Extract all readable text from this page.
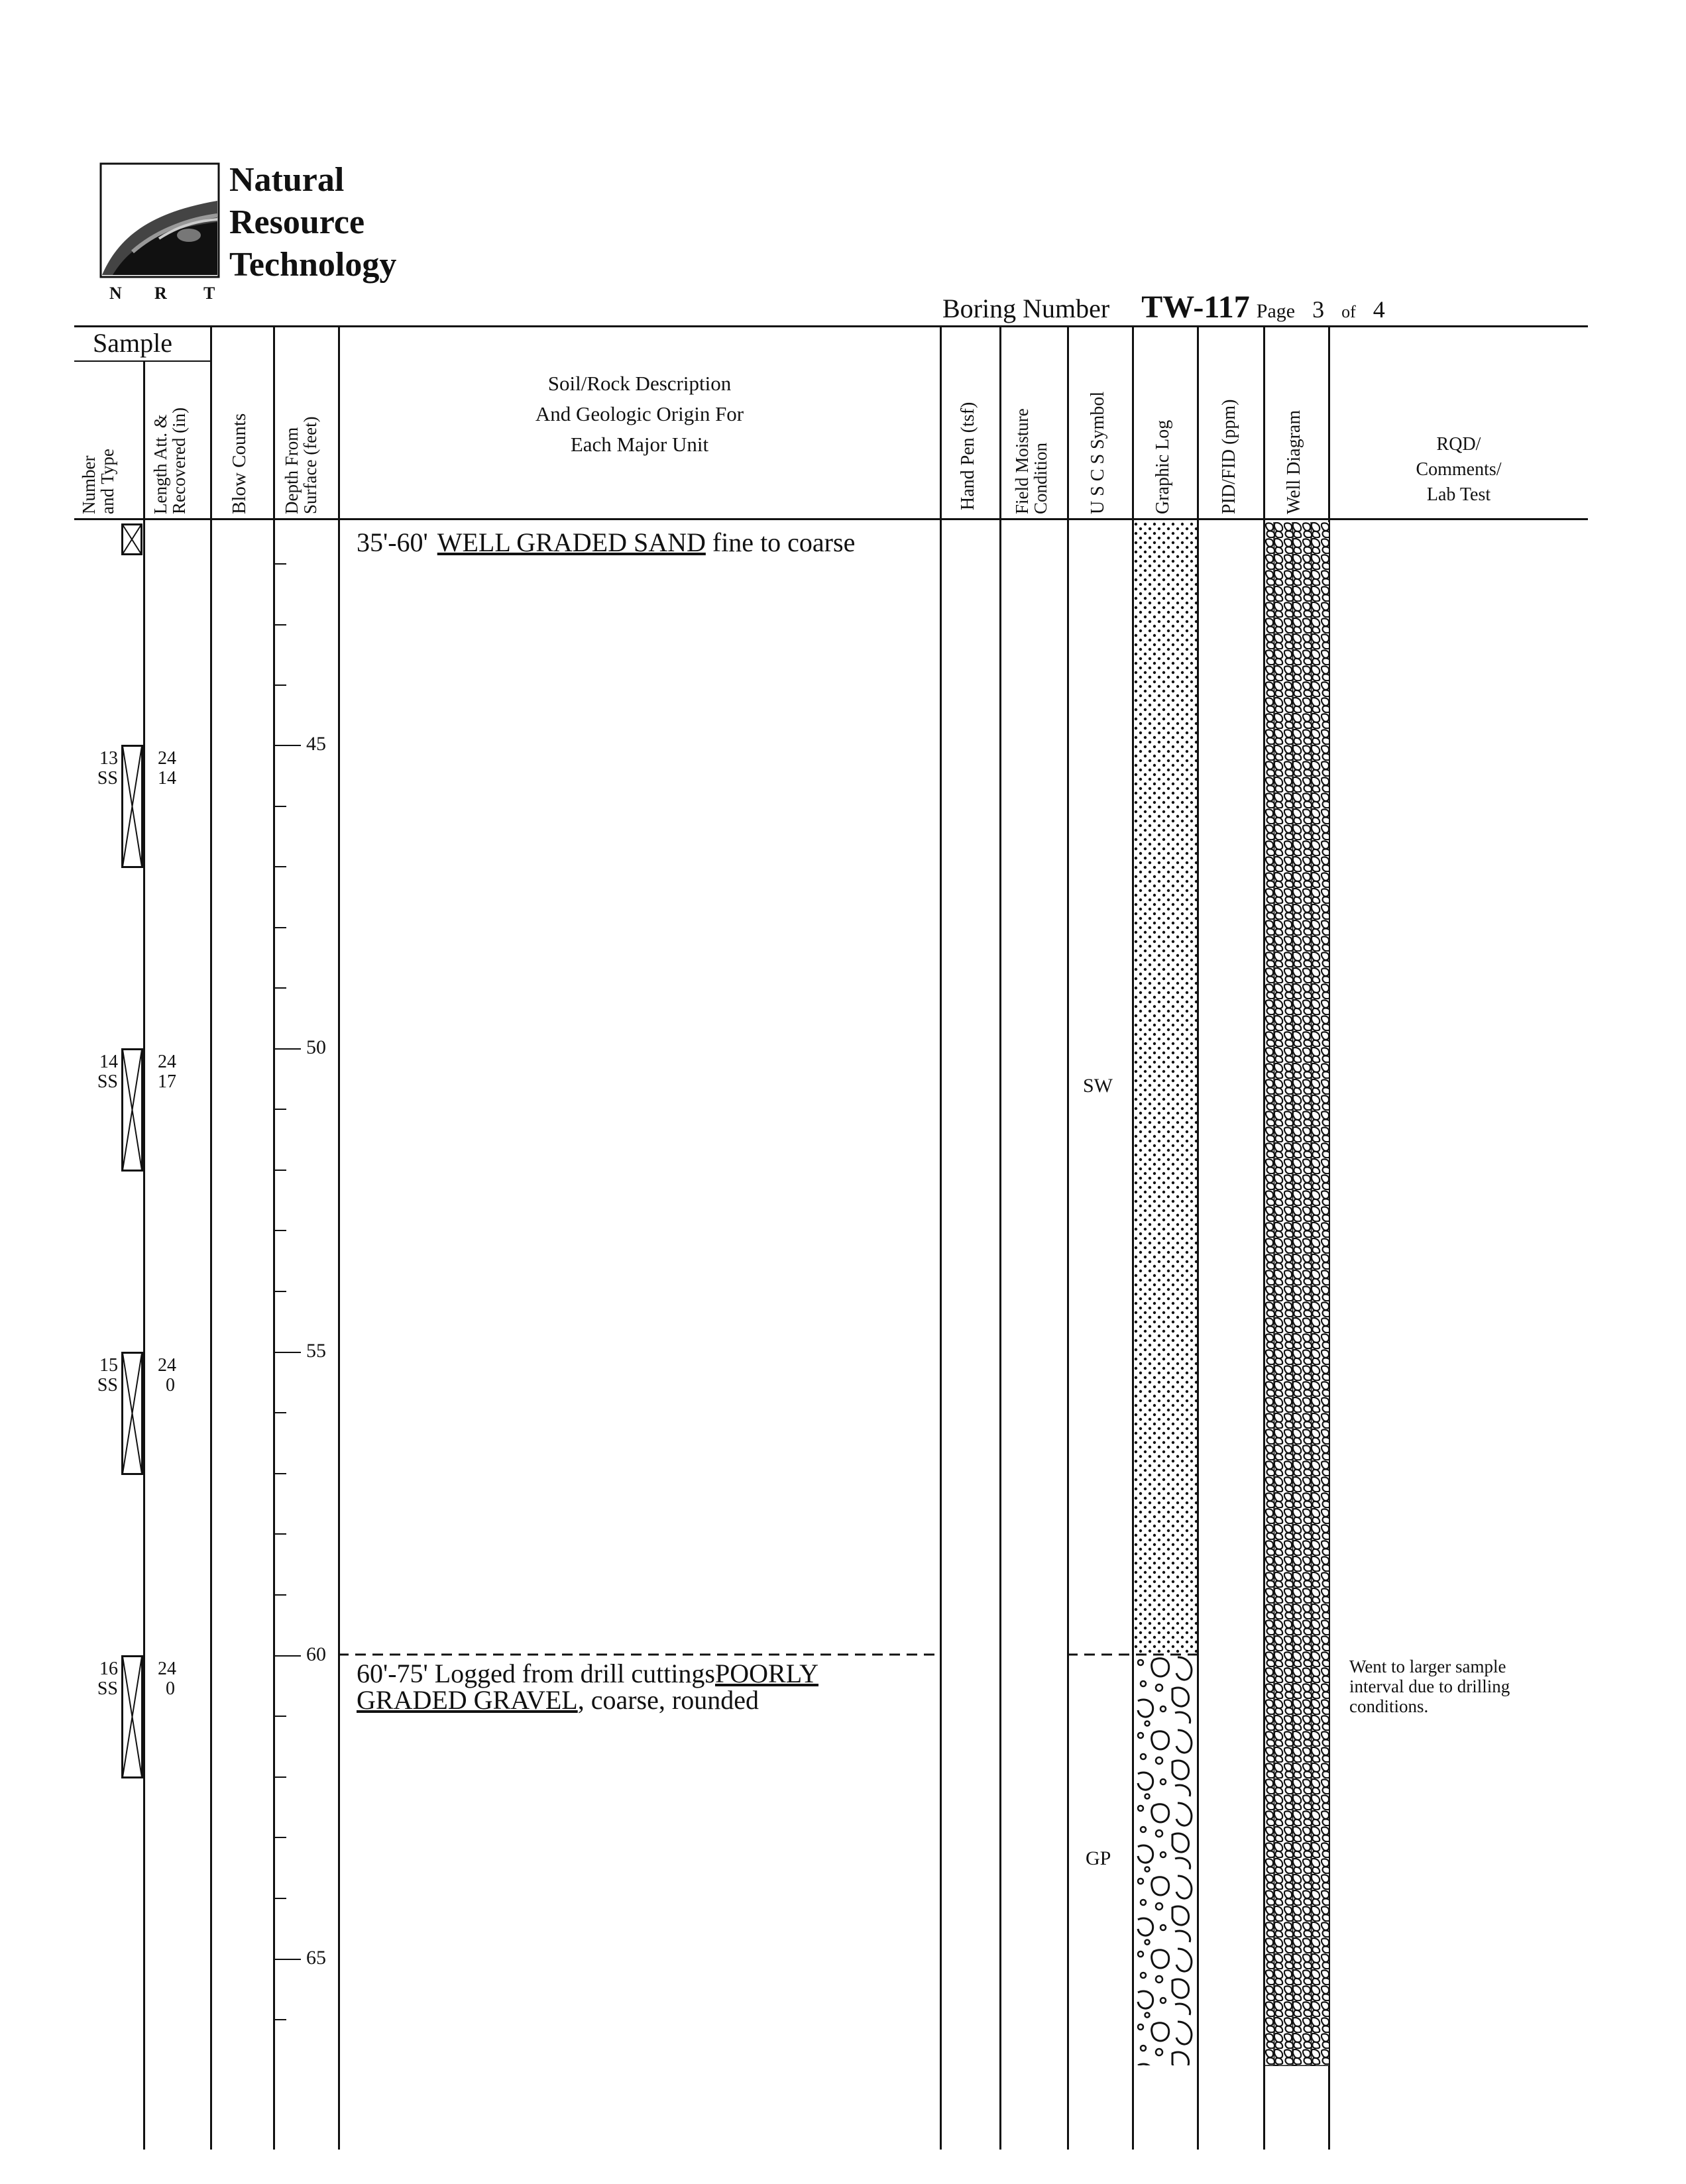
N R T
Natural
Resource
Technology
Boring Number TW-117 Page 3 of 4
Sample
Number
and Type Length Att. &
Recovered (in) Blow Counts Depth From
Surface (feet)
Soil/Rock Description
And Geologic Origin For
Each Major Unit	Hand Pen (tsf) Field Moisture
Condition U S C S Symbol Graphic Log PID/FID (ppm) Well Diagram	RQD/
Comments/
Lab Test
13
SS
24
14
14
SS
24
17
15
SS
24
0
16
SS
24
0
45
50
55
60
65
35'-60' WELL GRADED SAND fine to coarse
60'-75' Logged from drill cuttingsPOORLY GRADED GRAVEL, coarse, rounded
SW
GP
Went to larger sample
interval due to drilling
conditions.
